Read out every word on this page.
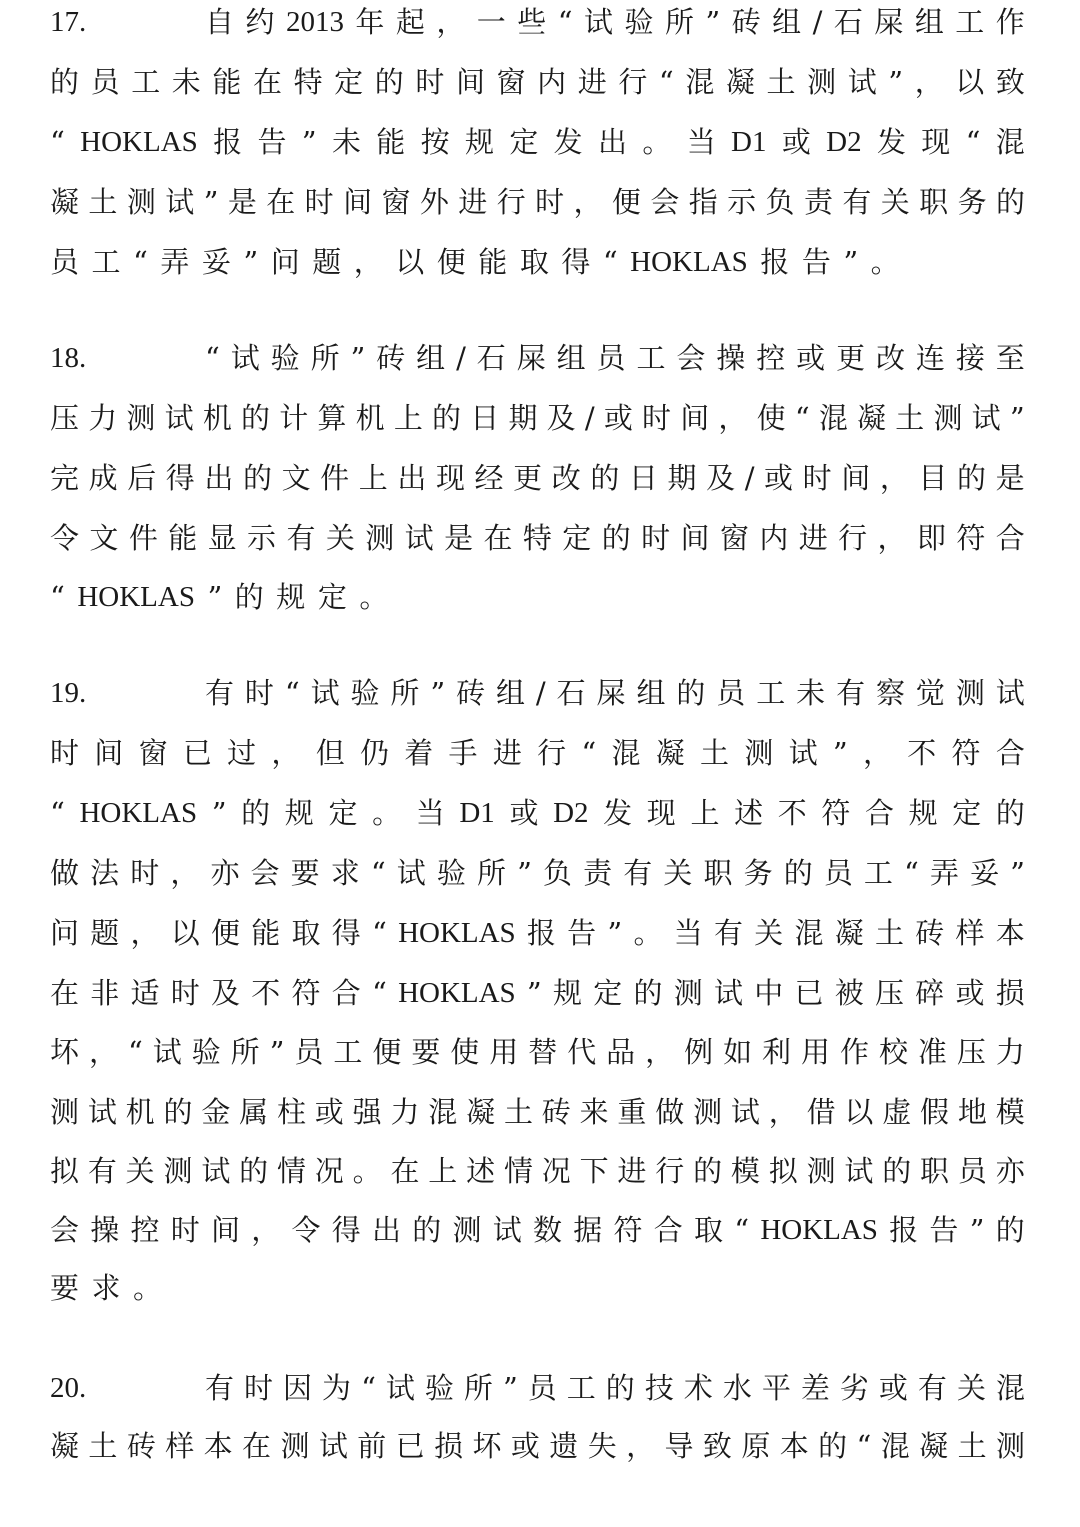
17.	自 约 2013 年 起 ， 一 些 “ 试 验 所 ” 砖 组 / 石 屎 组 工 作
的 员 工 未 能 在 特 定 的 时 间 窗 内 进 行 “ 混 凝 土 测 试 ” ， 以 致
“ HOKLAS 报 告 ” 未 能 按 规 定 发 出 。 当 D1 或 D2 发 现 “ 混
凝 土 测 试 ” 是 在 时 间 窗 外 进 行 时 ， 便 会 指 示 负 责 有 关 职 务 的
员 工 “ 弄 妥 ” 问 题 ， 以 便 能 取 得 “ HOKLAS 报 告 ” 。
18.	“ 试 验 所 ” 砖 组 / 石 屎 组 员 工 会 操 控 或 更 改 连 接 至
压 力 测 试 机 的 计 算 机 上 的 日 期 及 / 或 时 间 ， 使 “ 混 凝 土 测 试 ”
完 成 后 得 出 的 文 件 上 出 现 经 更 改 的 日 期 及 / 或 时 间 ， 目 的 是
令 文 件 能 显 示 有 关 测 试 是 在 特 定 的 时 间 窗 内 进 行 ， 即 符 合
“ HOKLAS ” 的 规 定 。
19.	有 时 “ 试 验 所 ” 砖 组 / 石 屎 组 的 员 工 未 有 察 觉 测 试
时 间 窗 已 过 ， 但 仍 着 手 进 行 “ 混 凝 土 测 试 ” ， 不 符 合
“ HOKLAS ” 的 规 定 。 当 D1 或 D2 发 现 上 述 不 符 合 规 定 的
做 法 时 ， 亦 会 要 求 “ 试 验 所 ” 负 责 有 关 职 务 的 员 工 “ 弄 妥 ”
问 题 ， 以 便 能 取 得 “ HOKLAS 报 告 ” 。 当 有 关 混 凝 土 砖 样 本
在 非 适 时 及 不 符 合 “ HOKLAS ” 规 定 的 测 试 中 已 被 压 碎 或 损
坏 ， “ 试 验 所 ” 员 工 便 要 使 用 替 代 品 ， 例 如 利 用 作 校 准 压 力
测 试 机 的 金 属 柱 或 强 力 混 凝 土 砖 来 重 做 测 试 ， 借 以 虚 假 地 模
拟 有 关 测 试 的 情 况 。 在 上 述 情 况 下 进 行 的 模 拟 测 试 的 职 员 亦
会 操 控 时 间 ， 令 得 出 的 测 试 数 据 符 合 取 “ HOKLAS 报 告 ” 的
要 求 。
20.	有 时 因 为 “ 试 验 所 ” 员 工 的 技 术 水 平 差 劣 或 有 关 混
凝 土 砖 样 本 在 测 试 前 已 损 坏 或 遗 失 ， 导 致 原 本 的 “ 混 凝 土 测
